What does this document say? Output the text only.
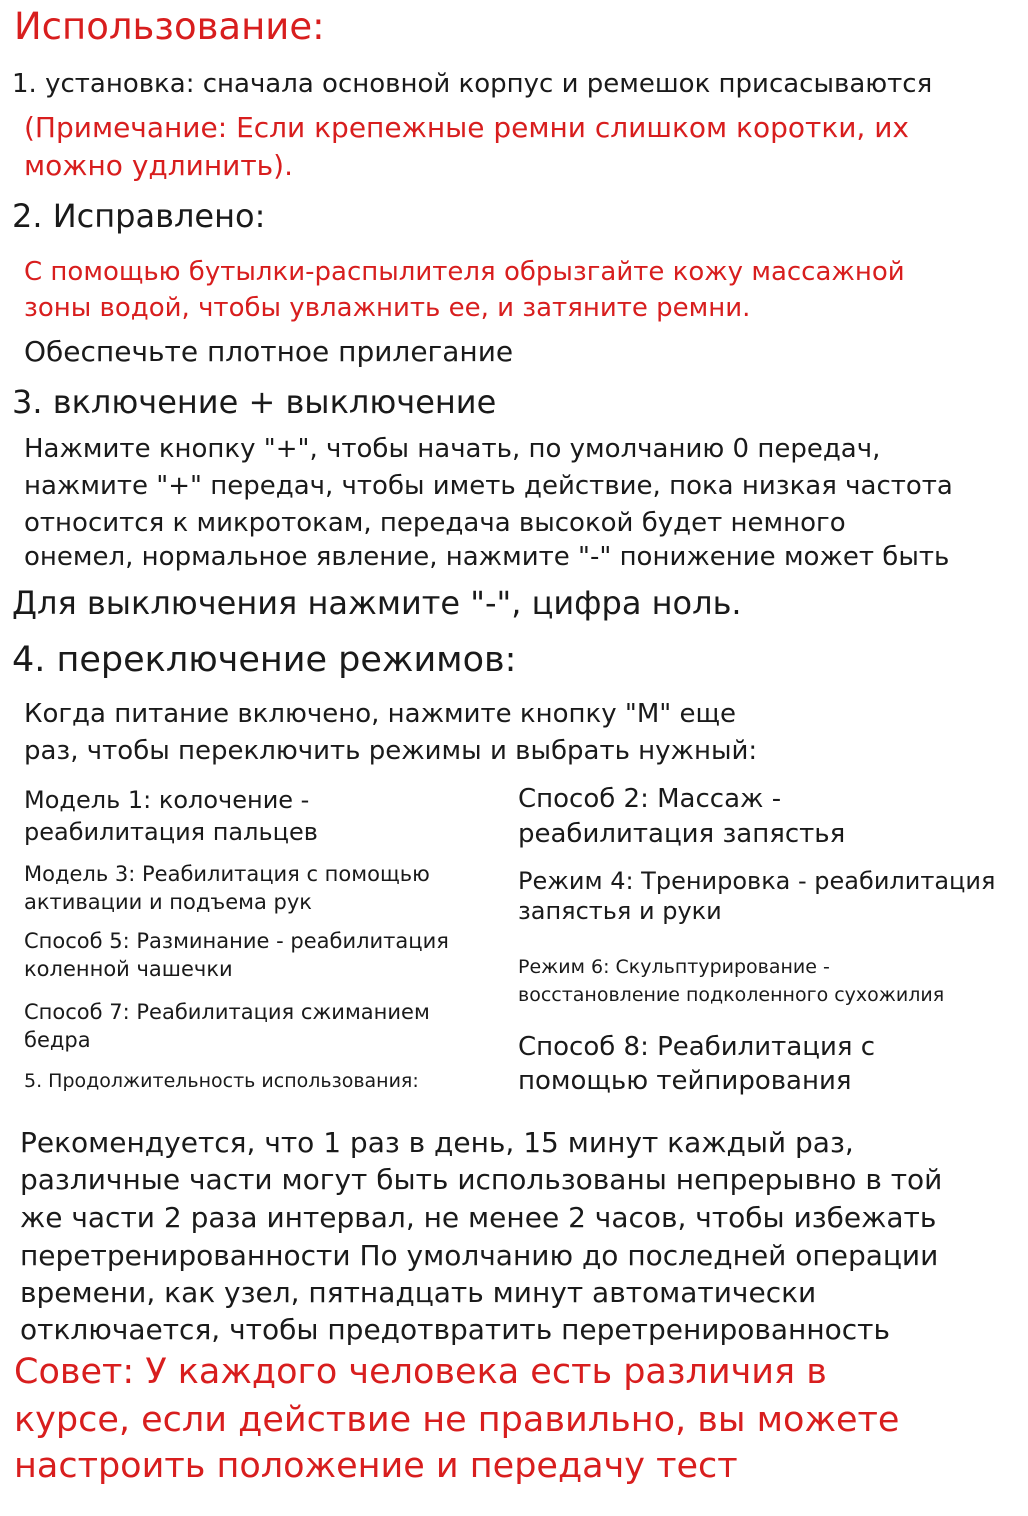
Использование:

1. установка: сначала основной корпус и ремешок присасываются

(Примечание: Если крепежные ремни слишком коротки, их

можно удлинить).

2. Исправлено:

С помощью бутылки-распылителя обрызгайте кожу массажной

зоны водой, чтобы увлажнить ее, и затяните ремни.

Обеспечьте плотное прилегание

3. включение + выключение

Нажмите кнопку "+", чтобы начать, по умолчанию 0 передач,

нажмите "+" передач, чтобы иметь действие, пока низкая частота

относится к микротокам, передача высокой будет немного

онемел, нормальное явление, нажмите "-" понижение может быть

Для выключения нажмите "-", цифра ноль.

4. переключение режимов:

Когда питание включено, нажмите кнопку "M" еще

раз, чтобы переключить режимы и выбрать нужный:

Модель 1: колочение -

реабилитация пальцев

Способ 2: Массаж -

реабилитация запястья

Модель 3: Реабилитация с помощью

активации и подъема рук

Режим 4: Тренировка - реабилитация

запястья и руки

Способ 5: Разминание - реабилитация

коленной чашечки	Режим 6: Скульптурирование -

восстановление подколенного сухожилия

Способ 7: Реабилитация сжиманием

бедра	Способ 8: Реабилитация с

помощью тейпирования

5. Продолжительность использования:

Рекомендуется, что 1 раз в день, 15 минут каждый раз,

различные части могут быть использованы непрерывно в той

же части 2 раза интервал, не менее 2 часов, чтобы избежать

перетренированности По умолчанию до последней операции

времени, как узел, пятнадцать минут автоматически

отключается, чтобы предотвратить перетренированность

Совет: У каждого человека есть различия в

курсе, если действие не правильно, вы можете

настроить положение и передачу тест
